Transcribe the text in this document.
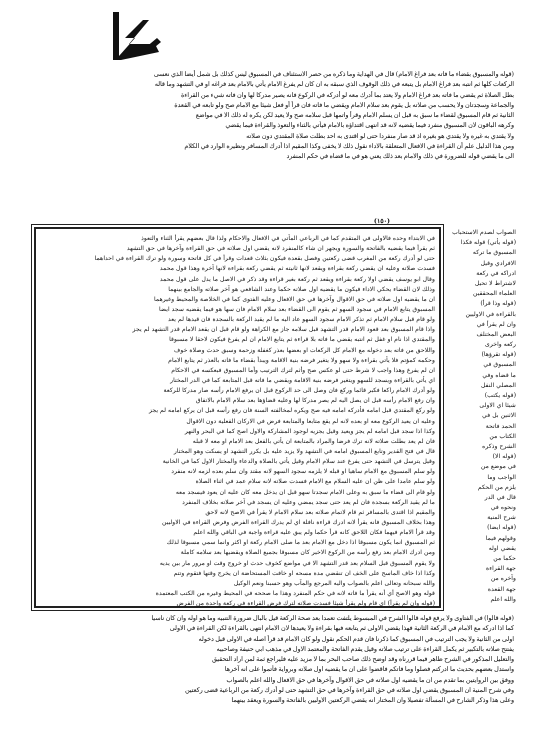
(قوله والمسبوق بقضاء ما فاته بعد فراغ الامام) قال في الهداية وما ذكره من حصر الاستئناف في المسبوق ليس كذلك بل شمل أيضا الذي نعسى
الركعات كلها ثم انتبه بعد فراغ الامام بل يتبعه في ذلك الوقوف الذي سبقه به ان كان لم يفرغ الامام يأتي بالامام بعد فراغه او في التشهد وما قاله
بطل الصلاة ثم يقضي ما فاته بعد فراغ الامام ولا يعتد بما أدرك معه لو أدركه في الركوع فانه يصير مدركا لها وان فاته شيء من القراءة
والجماعة وسجدتان ولا يحسب من صلاته بل يقوم بعد سلام الامام ويقضي ما فاته فان قرأ أو فعل شيئا مع الامام صح ولو تابعه في القعدة
الثانية ثم قام المسبوق لقضاء ما سبق به قبل ان يسلم الامام وقرأ واتمها قبل سلامه صح ولا يعيد لكن يكره له ذلك الا في مواضع
وكرهه الباقون لان المسبوق منفرد فيما يقضيه لانه قد انتهى اقتداؤه بالامام فيأتي بالثناء والتعوذ والقراءة فيما يقضي
ولا يقتدي به غيره ولا يقتدي هو بغيره اذ قد صار منفردا حتى لو اقتدى به احد بطلت صلاة المقتدي دون صلاته
ومن هذا الدليل علم أن القراءة في الافعال المتعلقة بالاداء نقول ذلك لا يخفى وكذا المقيم اذا أدرك المسافر ونظيره الوارد في الكلام
الى ما يقضي قوله للضرورة في ذلك والامام بعد ذلك يعني هو في ما قضاه في حكم المنفرد
(١٥٠)
في الابتداء وحده فالاولى في المتقدم كما في الرباعي المأتي في الافعال والاحكام ولذا قال بعضهم يقرأ الثناء والتعوذ
ثم يقرأ فيما يقضيه بالفاتحة والسورة ويجهر ان شاء كالمنفرد لانه يقضي اول صلاته في حق القراءة وآخرها في حق التشهد
حتى لو أدرك ركعة من المغرب قضى ركعتين وفصل بقعدة فيكون بثلاث قعدات وقرأ في كل فاتحة وسورة ولو ترك القراءة في احداهما
فسدت صلاته وعليه ان يقضي ركعة بقراءة ويقعد لانها ثانيته ثم يقضي ركعة بقراءة لانها آخرة وهذا قول محمد
وقال ابو يوسف يقضي اولا ركعة بقراءة ويقعد ثم ركعة بغير قراءة وقد ذكر في الاصل ما يدل على قول محمد
وذلك لان القضاء يحكي الاداء فيكون ما يقضيه اول صلاته حكما وعند الشافعي هو آخر صلاته والجامع بينهما
ان ما يقضيه اول صلاته في حق الاقوال وآخرها في حق الافعال وعليه الفتوى كما في الخلاصة والمحيط وغيرهما
المسبوق يتابع الامام في سجود السهو ثم يقوم الى القضاء بعد سلام الامام فان سها هو فيما يقضيه سجد ايضا
ولو قام قبل سلام الامام ثم تذكر الامام سجود السهو عاد اليه ما لم يقيد الركعة بالسجدة فان قيدها لم يعد
واذا قام المسبوق بعد قعود الامام قدر التشهد قبل سلامه جاز مع الكراهة ولو قام قبل ان يقعد الامام قدر التشهد لم يجز
والمقتدي اذا نام او غفل ثم انتبه يقضي ما فاته بلا قراءة ثم يتابع الامام ان لم يفرغ فيكون لاحقا لا مسبوقا
واللاحق من فاته بعد دخوله مع الامام كل الركعات او بعضها بعذر كغفلة وزحمة وسبق حدث وصلاة خوف
وحكمه كمؤتم فلا يأتي بقراءة ولا سهو ولا يتغير فرضه بنية الاقامة ويبدأ بقضاء ما فاته بالعذر ثم يتابع الامام
ان لم يفرغ وهذا واجب لا شرط حتى لو عكس صح وأثم لترك الترتيب وأما المسبوق فبعكسه في الاحكام
اي يأتي بالقراءة ويسجد للسهو ويتغير فرضه بنية الاقامة ويقضي ما فاته قبل المتابعة كما في الدر المختار
ولو أدرك الامام راكعا فكبر قائما وركع فان وصل الى حد الركوع قبل ان يرفع الامام رأسه صار مدركا للركعة
وان رفع الامام رأسه قبل ان يصل اليه لم يصر مدركا لها وعليه قضاؤها بعد سلام الامام بالاتفاق
ولو ركع المقتدي قبل امامه فأدركه امامه فيه صح ويكره لمخالفته السنة فان رفع رأسه قبل ان يركع امامه لم يجز
وعليه ان يعيد الركوع معه او بعده لانه لم يقع متابعا والمتابعة فرض في الاركان الفعلية دون الاقوال
وكذا اذا سجد قبل امامه لم يجز ويعيد وقيل يجزيه لوجود المشاركة والاول اصح كما في البحر والنهر
فان لم يعد بطلت صلاته لانه ترك فرضا والمراد بالمتابعة ان يأتي بالفعل بعد الامام او معه لا قبله
قال في فتح القدير وتابع المسبوق امامه في التشهد ولا يزيد عليه بل يكرر التشهد او يسكت وهو المختار
وقيل يترسل في التشهد حتى يفرغ عند سلام الامام وقيل يأتي بالصلاة والدعاء والمختار الاول كما في الخانية
ولو سلم المسبوق مع الامام ساهيا او قبله لا يلزمه سجود السهو لانه مقتد وان سلم بعده لزمه لانه منفرد
ولو سلم عامدا على ظن ان عليه السلام مع الامام فسدت صلاته لانه سلام عمد في اثناء الصلاة
ولو قام الى قضاء ما سبق به وعلى الامام سجدتا سهو قبل ان يدخل معه كان عليه ان يعود فيسجد معه
ما لم يقيد الركعة بسجدة فان لم يعد حتى سجد يمضي وعليه ان يسجد في آخر صلاته بخلاف المنفرد
والمقيم اذا اقتدى بالمسافر ثم قام لاتمام صلاته بعد سلام الامام لا يقرأ في الاصح لانه لاحق
وهذا بخلاف المسبوق فانه يقرأ لانه ادرك قراءة نافلة اي لم يدرك القراءة الفرض وفرض القراءة في الاوليين
وقد قرأ الامام فيهما فكان اللاحق كانه قرأ حكما ولم يبق عليه قراءة واجبة في الباقي والله اعلم
ثم المسبوق انما يكون مسبوقا اذا دخل مع الامام بعد ما صلى الامام ركعة او اكثر وانما سمي مسبوقا لذلك
ومن ادرك الامام بعد رفع رأسه من الركوع الاخير كان مسبوقا بجميع الصلاة ويقضيها بعد سلامه كاملة
ولا يقوم المسبوق قبل السلام بعد قدر التشهد الا في مواضع كخوف حدث او خروج وقت او مرور مار بين يديه
وكذا اذا خاف الماسح على الخف ان تنقضي مدة مسحه او خافت المستحاضة ان يخرج وقتها فتقوم وتتم
والله سبحانه وتعالى اعلم بالصواب واليه المرجع والمآب وهو حسبنا ونعم الوكيل
قوله وهو الاصح أي أنه يقرأ ما فاته لانه في حكم المنفرد وهذا ما صححه في المحيط وغيره من الكتب المعتمدة
(قوله وان لم يقرأ) اي قام ولم يقرأ شيئا فسدت صلاته لترك فرض القراءة في ركعة واحدة من الفرض
الصواب لصدم الاستحباب
(قوله يأتي) قوله فكذا
المسبوق ما تركه
الافرادي وقيل
ادراكه في ركعة
لاشتراط لا تحيل
العلماء المحققين
(قوله وذا قرأ)
بالقراءة في الاوليين
وان لم يقرأ في
البعض المختلف
ركعه واخرى
(قوله تقرؤها)
المسبوق في
ما قضاه وفي
المصلي النفل
(قوله يكتب)
شيئا اي الاولى
الاثنين بل في
الحمد فاتحة
الكتاب من
الشرح وذكره
(قوله الا)
في موضع من
الواجب وما
يلزم من الحكم
قال في الدر
ونحوه في
شرح المنية
(قوله ايضا)
وقولهم فيما
يقضي اوله
حكما من
جهة القراءة
وآخره من
جهة القعدة
والله اعلم
(قوله قالوا) في الفتاوى ولا يرفع قوله قالوا الشرح في المبسوط يلتفت تعمدا بعد صحة الركعة قيل بالبال ضرورة التنبيه وما هو اوله وان كان ناسيا
كما اذا ادركه مع الامام في الركعة الثانية فهذا يقضي الاولى ثم يتابعه فيها بقراءة ولا يعيدها لان الامام انتهى بالقراءة لكن القراءة في الاولى
اولى من الثانية ولا يجب الترتيب في المسبوق كما ذكرنا فان قدم الحكم نقول ولو كان الامام قد قرأ اصله في الاولى قبل دخوله
يفتتح صلاته بالتكبير ثم يكمل القراءة على ترتيب صلاته وقيل يقدم الفاتحة والمعتمد الاول في مذهب ابي حنيفة وصاحبيه
والتعليل المذكور في الشرح ظاهر فيما قررناه وقد اوضح ذلك صاحب البحر بما لا مزيد عليه فليراجع ثمة لمن اراد التحقيق
واستدل بعضهم بحديث ما ادركتم فصلوا وما فاتكم فاقضوا على ان ما يقضيه اول صلاته وبرواية فأتموا على انه آخرها
ووفق بين الروايتين بما تقدم من ان ما يقضيه اول صلاته في حق الاقوال وآخرها في حق الافعال والله اعلم بالصواب
وفي شرح المنية ان المسبوق يقضي اول صلاته في حق القراءة وآخرها في حق التشهد حتى لو أدرك ركعة من الرباعية قضى ركعتين
وعلى هذا وذكر الشارح في المسألة تفصيلا وان المختار انه يقضي الركعتين الاوليين بالفاتحة والسورة ويعقد بينهما
